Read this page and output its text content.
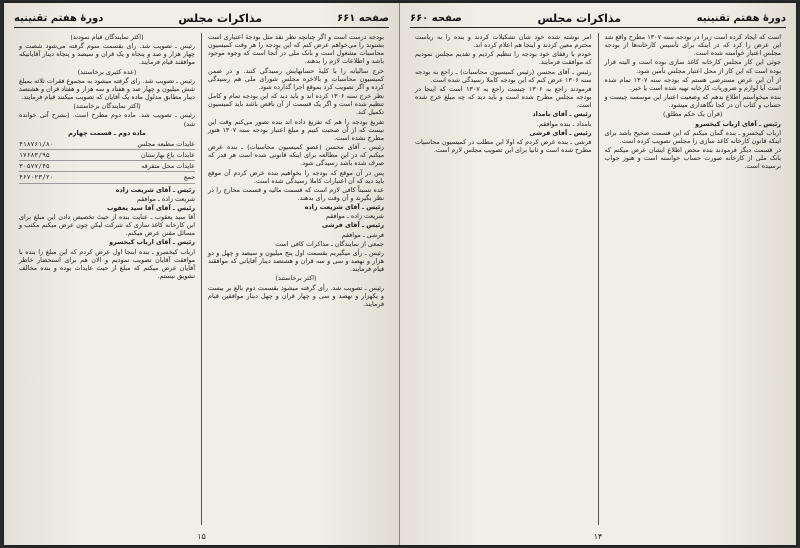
صفحه ۶۶۱
مذاکرات مجلس
دورهٔ هفتم تقنینیه

بودجه درست است و اگر چنانچه نظر نقد مثل بودجهٔ اعتباری است بشنوند را می‌خواهم عرض کنم که این بودجه را هر وقت کمیسیون محاسبات مشغول است و بانک ملی در آنجا است که وجوه موجود باشد و اطلاعات لازم را بدهند.

خرج سالیانه را با کلیهٔ حسابهایش رسیدگی کنند. و در ضمن کمیسیون محاسبات و بالاخره مجلس شورای ملی هم رسیدگی کرده و اگر تصویب کرد بموقع اجرا گذارده شود.

نظر خرج سنه ۱۳۰۶ کرده اند و باید دید که این بودجه تمام و کامل تنظیم شده است و اگر یک قسمت از آن ناقص باشد باید کمیسیون تکمیل کند.

تفریغ بودجه را هم که تفریغ داده اند بنده تصور می‌کنم وقت این نیست که از آن صحبت کنیم و مبلغ اعتبار بودجه سنه ۱۳۰۷ هنوز مطرح نشده است.

رئیس ـ آقای محسن (عضو کمیسیون محاسبات) ـ بنده عرض میکنم که در این مطالعه برای اینکه قانونی شده است هر قدر که صرف شده باشد رسیدگی شود.

پس در آن موقع که بودجه را بخواهیم بنده عرض کردم آن موقع باید دید که آن اعتبارات کاملا رسیدگی شده است.

عده نسبتاً کافی لازم است که قسمت مالیه و قسمت مخارج را در نظر بگیرند و آن وقت رأی بدهند.

رئیس ـ آقای شریعت زاده

شریعت زاده ـ موافقم

رئیس ـ آقای فرشی

فرشی ـ موافقم

جمعی از نمایندگان ـ مذاکرات کافی است

رئیس ـ رأی میگیریم بقسمت اول پنج میلیون و سیصد و چهل و دو هزار و نهصد و سی و سه قران و هشتصد دینار آقایانی که موافقند قیام فرمایند.

(اکثر برخاستند)

رئیس ـ تصویب شد. رأی گرفته میشود بقسمت دوم بالغ بر بیست و یکهزار و نهصد و سی و چهار قران و چهل دینار موافقین قیام فرمایند.

(اکثر نمایندگان قیام نمودند)

رئیس ـ تصویب شد. رای بقسمت سوم گرفته می‌شود شصت و چهار هزار و صد و پنجاه و یک قران و سیصد و پنجاه دینار آقایانیکه موافقند قیام فرمایند.

(عده کثیری برخاستند)

رئیس ـ تصویب شد. رای گرفته میشود به مجموع فقرات ثلاثه بمبلغ شش میلیون و چهار صد و هفتاد و سه هزار و هفتاد قران و هشتصد دینار مطابق مدلول ماده یک آقایان که تصویب میکنند قیام فرمایند.

(اکثر نمایندگان برخاستند)

رئیس ـ تصویب شد. ماده دوم مطرح است. (بشرح آتی خوانده شد)

ماده دوم ـ قسمت چهارم

عایدات مطبعه مجلس	۴۱۸۷۶۱/۸۰
عایدات باغ بهارستان	۱۷۶۸۳/۹۵
عایدات محل متفرقه	۳۰۵۷۷/۴۵
جمع	۴۶۷۰۲۳/۲۰

رئیس ـ آقای شریعت زاده

شریعت زاده ـ موافقم

رئیس ـ آقای آقا سید یعقوب

آقا سید یعقوب ـ عنایت بنده از حیث تخصیص دادن این مبلغ برای این کارخانه کاغذ سازی که شرکت لیکن چون عرض میکنم مکتب و مسائل مقنن عرض میکنم.

رئیس ـ آقای ارباب کیخسرو

ارباب کیخسرو ـ بنده اینجا اول عرض کردم که این مبلغ را بنده با موافقت آقایان تصویب نمودیم و الان هم برای استحضار خاطر آقایان عرض میکنم که مبلغ از حیث عایدات بوده و بنده مخالف تشویق نیستم.

۱۵
دورهٔ هفتم تقنینیه
مذاکرات مجلس
صفحه ۶۶۰

است که ایجاد کرده است زیرا در بودجه سنه ۱۳۰۷ مطرح واقع شد این عرض را کرد که در اینکه برای تأسیس کارخانه‌ها از بودجه مجلس اعتبار خواسته شده است.

جوئی این کار مجلس کارخانه کاغذ سازی بوده است و البته قرار بوده است که این کار از محل اعتبار مجلس تأمین شود.

از آن این عرض مسترضی هستم که بودجه سنه ۱۳۰۷ تمام شده است آیا لوازم و ضروریات کارخانه تهیه شده است یا خیر.

بنده میخواستم اطلاع بدهم که وضعیت اعتبار این موسسه چیست و حساب و کتاب آن در کجا نگاهداری میشود.

(قرآن یک حکم مطلق)

رئیس ـ آقای ارباب کیخسرو

ارباب کیخسرو ـ بنده گمان میکنم که این قسمت صحیح باشد برای اینکه قانون کارخانه کاغذ سازی را مجلس تصویب کرده است.

در قسمت دیگر فرمودند بنده محض اطلاع ایشان عرض میکنم که بانک ملی از کارخانه صورت حساب خواسته است و هنوز جواب نرسیده است.

امر نوشته شده خود شان تشکیلات کردند و بنده را به ریاست محترم معین کردند و اینجا هم اعلام کرده اند.

خودم با رفقای خود بودجه را تنظیم کردیم و تقدیم مجلس نمودیم که موافقت فرمایند.

رئیس ـ آقای محسن (رئیس کمیسیون محاسبات) ـ راجع به بودجه سنه ۱۳۰۶ عرض کنم که این بودجه کاملا رسیدگی شده است.

فرمودند راجع به ۱۳۰۶ چیست راجع به ۱۳۰۷ است که اینجا در بودجه مجلس مطرح شده است و باید دید که چه مبلغ خرج شده است.

رئیس ـ آقای بامداد

بامداد ـ بنده موافقم.

رئیس ـ آقای فرشی

فرشی ـ بنده عرض کردم که اولا این مطلب در کمیسیون محاسبات مطرح شده است و ثانیا برای این تصویب مجلس لازم است.

۱۴
